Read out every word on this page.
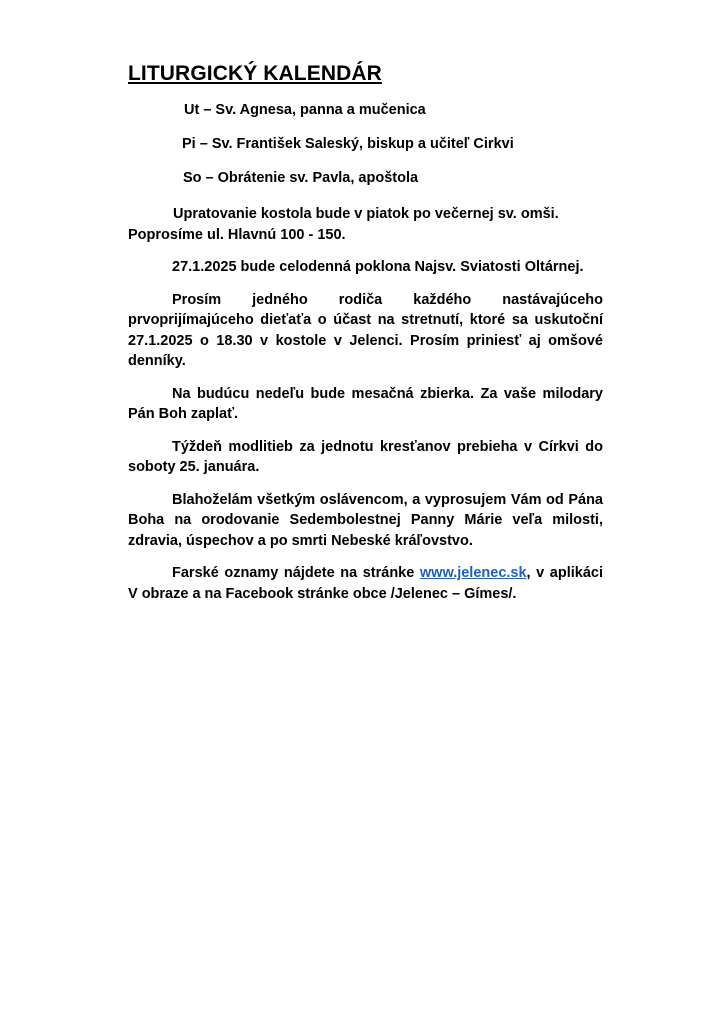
LITURGICKÝ KALENDÁR
Ut – Sv. Agnesa, panna a mučenica
Pi – Sv. František Saleský, biskup a učiteľ Cirkvi
So – Obrátenie sv. Pavla, apoštola

Upratovanie kostola bude v piatok po večernej sv. omši. Poprosíme ul. Hlavnú 100 - 150.

27.1.2025 bude celodenná poklona Najsv. Sviatosti Oltárnej.

Prosím jedného rodiča každého nastávajúceho prvoprijímajúceho dieťaťa o účast na stretnutí, ktoré sa uskutoční 27.1.2025 o 18.30 v kostole v Jelenci. Prosím priniesť aj omšové denníky.

Na budúcu nedeľu bude mesačná zbierka. Za vaše milodary Pán Boh zaplať.

Týždeň modlitieb za jednotu kresťanov prebieha v Církvi do soboty 25. januára.

Blahoželám všetkým oslávencom, a vyprosujem Vám od Pána Boha na orodovanie Sedembolestnej Panny Márie veľa milosti, zdravia, úspechov a po smrti Nebeské kráľovstvo.

Farské oznamy nájdete na stránke www.jelenec.sk, v aplikáci V obraze a na Facebook stránke obce /Jelenec – Gímes/.
